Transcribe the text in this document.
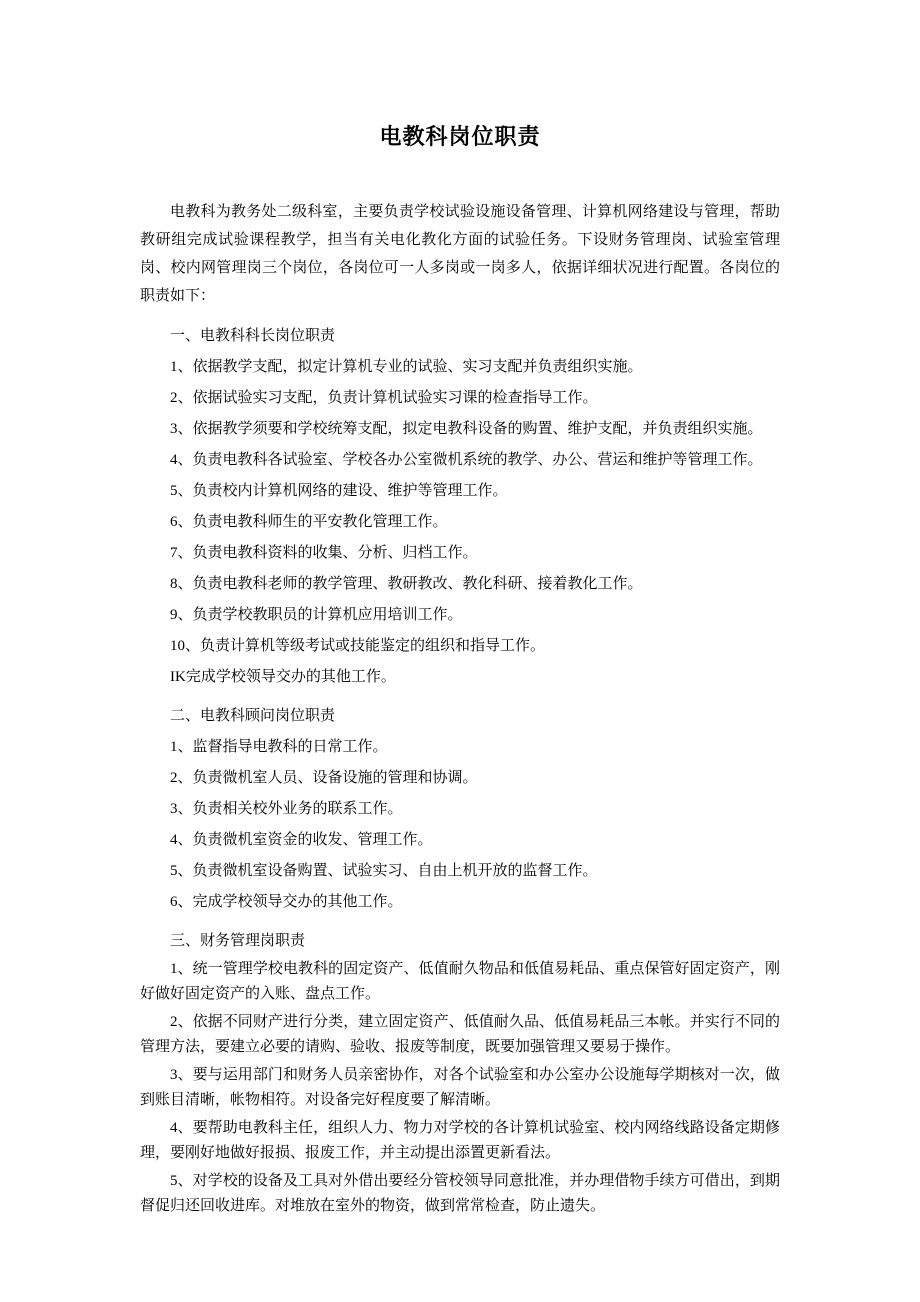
电教科岗位职责

电教科为教务处二级科室，主要负责学校试验设施设备管理、计算机网络建设与管理，帮助教研组完成试验课程教学，担当有关电化教化方面的试验任务。下设财务管理岗、试验室管理岗、校内网管理岗三个岗位，各岗位可一人多岗或一岗多人，依据详细状况进行配置。各岗位的职责如下：

一、电教科科长岗位职责

1、依据教学支配，拟定计算机专业的试验、实习支配并负责组织实施。

2、依据试验实习支配，负责计算机试验实习课的检查指导工作。

3、依据教学须要和学校统筹支配，拟定电教科设备的购置、维护支配，并负责组织实施。

4、负责电教科各试验室、学校各办公室微机系统的教学、办公、营运和维护等管理工作。

5、负责校内计算机网络的建设、维护等管理工作。

6、负责电教科师生的平安教化管理工作。

7、负责电教科资料的收集、分析、归档工作。

8、负责电教科老师的教学管理、教研教改、教化科研、接着教化工作。

9、负责学校教职员的计算机应用培训工作。

10、负责计算机等级考试或技能鉴定的组织和指导工作。

IK完成学校领导交办的其他工作。

二、电教科顾问岗位职责

1、监督指导电教科的日常工作。

2、负责微机室人员、设备设施的管理和协调。

3、负责相关校外业务的联系工作。

4、负责微机室资金的收发、管理工作。

5、负责微机室设备购置、试验实习、自由上机开放的监督工作。

6、完成学校领导交办的其他工作。

三、财务管理岗职责

1、统一管理学校电教科的固定资产、低值耐久物品和低值易耗品、重点保管好固定资产，刚好做好固定资产的入账、盘点工作。

2、依据不同财产进行分类，建立固定资产、低值耐久品、低值易耗品三本帐。并实行不同的管理方法，要建立必要的请购、验收、报废等制度，既要加强管理又要易于操作。

3、要与运用部门和财务人员亲密协作，对各个试验室和办公室办公设施每学期核对一次，做到账目清晰，帐物相符。对设备完好程度要了解清晰。

4、要帮助电教科主任，组织人力、物力对学校的各计算机试验室、校内网络线路设备定期修理，要刚好地做好报损、报废工作，并主动提出添置更新看法。

5、对学校的设备及工具对外借出要经分管校领导同意批准，并办理借物手续方可借出，到期督促归还回收进库。对堆放在室外的物资，做到常常检查，防止遗失。
